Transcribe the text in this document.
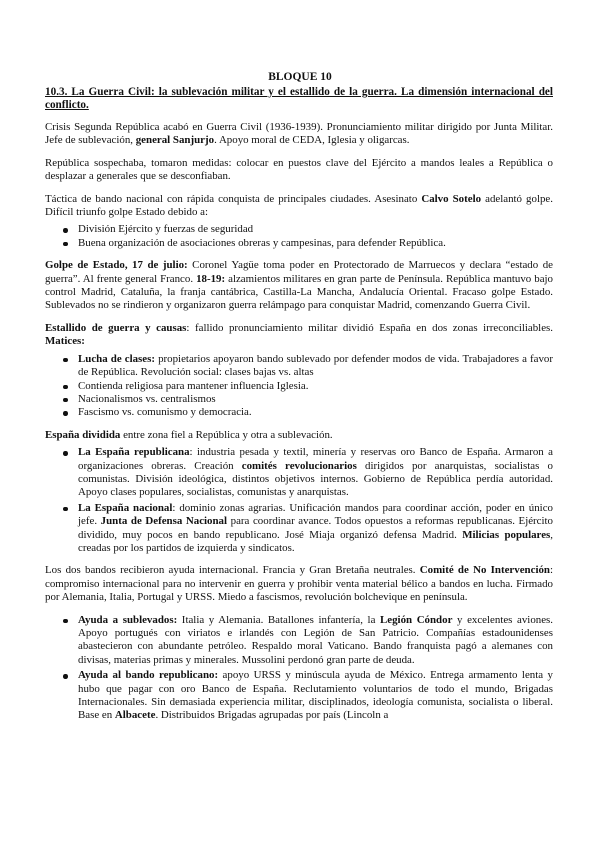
BLOQUE 10
10.3. La Guerra Civil: la sublevación militar y el estallido de la guerra. La dimensión internacional del conflicto.

Crisis Segunda República acabó en Guerra Civil (1936-1939). Pronunciamiento militar dirigido por Junta Militar. Jefe de sublevación, general Sanjurjo. Apoyo moral de CEDA, Iglesia y oligarcas.

República sospechaba, tomaron medidas: colocar en puestos clave del Ejército a mandos leales a República o desplazar a generales que se desconfiaban.

Táctica de bando nacional con rápida conquista de principales ciudades. Asesinato Calvo Sotelo adelantó golpe. Difícil triunfo golpe Estado debido a:

División Ejército y fuerzas de seguridad
Buena organización de asociaciones obreras y campesinas, para defender República.

Golpe de Estado, 17 de julio: Coronel Yagüe toma poder en Protectorado de Marruecos y declara “estado de guerra”. Al frente general Franco. 18-19: alzamientos militares en gran parte de Península. República mantuvo bajo control Madrid, Cataluña, la franja cantábrica, Castilla-La Mancha, Andalucía Oriental. Fracaso golpe Estado. Sublevados no se rindieron y organizaron guerra relámpago para conquistar Madrid, comenzando Guerra Civil.

Estallido de guerra y causas: fallido pronunciamiento militar dividió España en dos zonas irreconciliables. Matices:

Lucha de clases: propietarios apoyaron bando sublevado por defender modos de vida. Trabajadores a favor de República. Revolución social: clases bajas vs. altas
Contienda religiosa para mantener influencia Iglesia.
Nacionalismos vs. centralismos
Fascismo vs. comunismo y democracia.

España dividida entre zona fiel a República y otra a sublevación.

La España republicana: industria pesada y textil, minería y reservas oro Banco de España. Armaron a organizaciones obreras. Creación comités revolucionarios dirigidos por anarquistas, socialistas o comunistas. División ideológica, distintos objetivos internos. Gobierno de República perdía autoridad. Apoyo clases populares, socialistas, comunistas y anarquistas.
La España nacional: dominio zonas agrarias. Unificación mandos para coordinar acción, poder en único jefe. Junta de Defensa Nacional para coordinar avance. Todos opuestos a reformas republicanas. Ejército dividido, muy pocos en bando republicano. José Miaja organizó defensa Madrid. Milicias populares, creadas por los partidos de izquierda y sindicatos.

Los dos bandos recibieron ayuda internacional. Francia y Gran Bretaña neutrales. Comité de No Intervención: compromiso internacional para no intervenir en guerra y prohibir venta material bélico a bandos en lucha. Firmado por Alemania, Italia, Portugal y URSS. Miedo a fascismos, revolución bolchevique en península.

Ayuda a sublevados: Italia y Alemania. Batallones infantería, la Legión Cóndor y excelentes aviones. Apoyo portugués con viriatos e irlandés con Legión de San Patricio. Compañías estadounidenses abastecieron con abundante petróleo. Respaldo moral Vaticano. Bando franquista pagó a alemanes con divisas, materias primas y minerales. Mussolini perdonó gran parte de deuda.
Ayuda al bando republicano: apoyo URSS y minúscula ayuda de México. Entrega armamento lenta y hubo que pagar con oro Banco de España. Reclutamiento voluntarios de todo el mundo, Brigadas Internacionales. Sin demasiada experiencia militar, disciplinados, ideología comunista, socialista o liberal. Base en Albacete. Distribuidos Brigadas agrupadas por país (Lincoln a
